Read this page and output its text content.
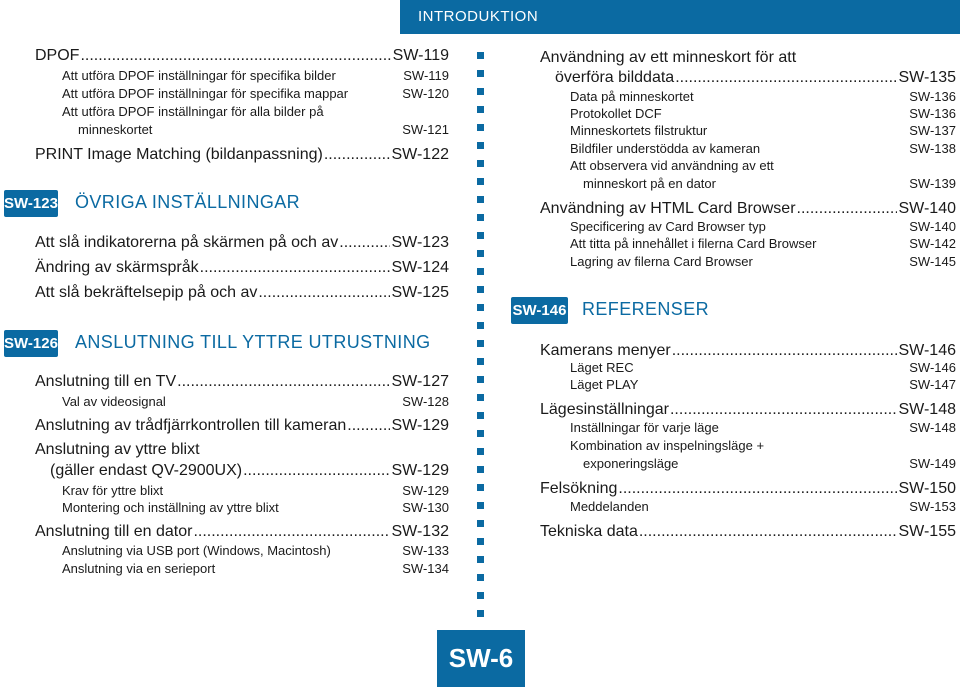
INTRODUKTION
DPOF .....	SW-119
Att utföra DPOF inställningar för specifika bilder	SW-119
Att utföra DPOF inställningar för specifika mappar	SW-120
Att utföra DPOF inställningar för alla bilder på
minneskortet	SW-121
PRINT Image Matching (bildanpassning) .....	SW-122
SW-123 ÖVRIGA INSTÄLLNINGAR
Att slå indikatorerna på skärmen på och av .....	SW-123
Ändring av skärmspråk .....	SW-124
Att slå bekräftelsepip på och av .....	SW-125
SW-126 ANSLUTNING TILL YTTRE UTRUSTNING
Anslutning till en TV .....	SW-127
Val av videosignal	SW-128
Anslutning av trådfjärrkontrollen till kameran .....	SW-129
Anslutning av yttre blixt
(gäller endast QV-2900UX) .....	SW-129
Krav för yttre blixt	SW-129
Montering och inställning av yttre blixt	SW-130
Anslutning till en dator .....	SW-132
Anslutning via USB port (Windows, Macintosh)	SW-133
Anslutning via en serieport	SW-134
Användning av ett minneskort för att
överföra bilddata .....	SW-135
Data på minneskortet	SW-136
Protokollet DCF	SW-136
Minneskortets filstruktur	SW-137
Bildfiler understödda av kameran	SW-138
Att observera vid användning av ett
minneskort på en dator	SW-139
Användning av HTML Card Browser .....	SW-140
Specificering av Card Browser typ	SW-140
Att titta på innehållet i filerna Card Browser	SW-142
Lagring av filerna Card Browser	SW-145
SW-146 REFERENSER
Kamerans menyer .....	SW-146
Läget REC	SW-146
Läget PLAY	SW-147
Lägesinställningar .....	SW-148
Inställningar för varje läge	SW-148
Kombination av inspelningsläge +
exponeringsläge	SW-149
Felsökning .....	SW-150
Meddelanden	SW-153
Tekniska data .....	SW-155
SW-6
